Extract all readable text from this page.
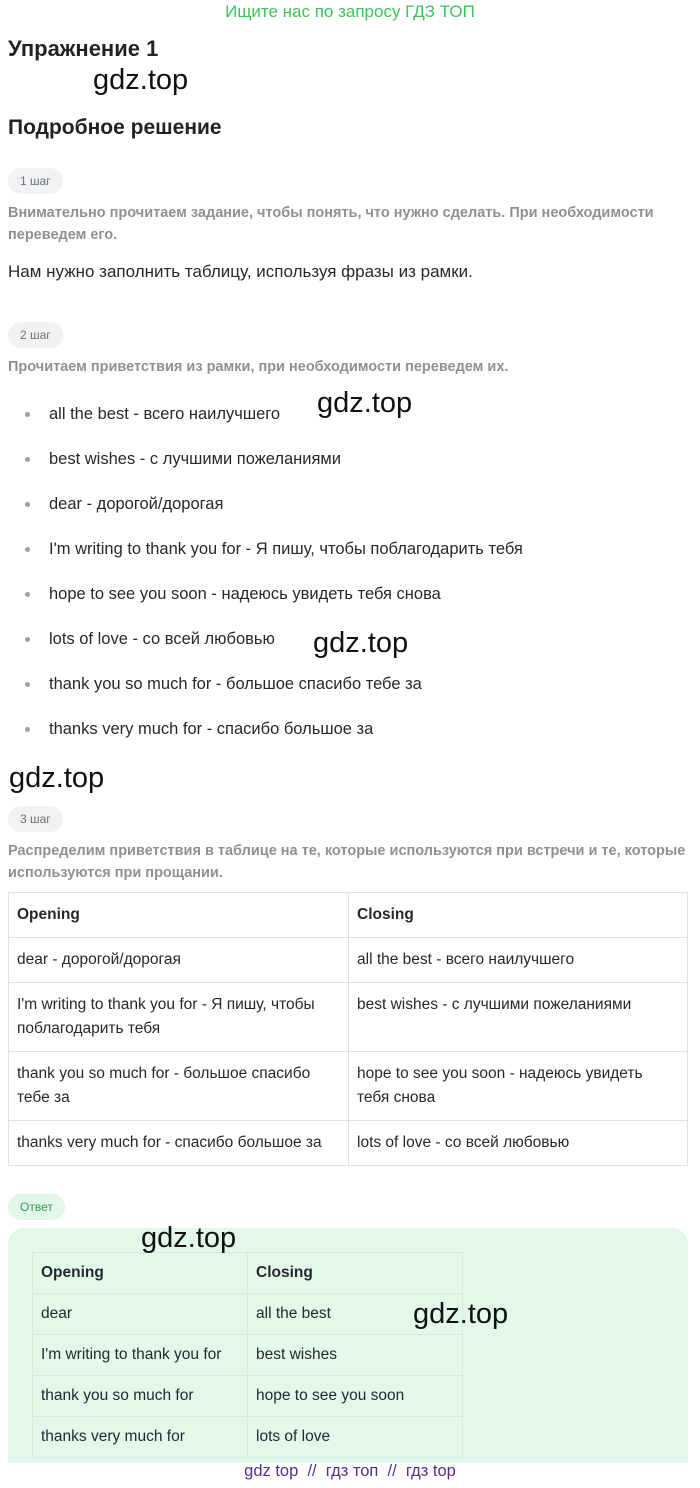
Ищите нас по запросу ГДЗ ТОП
Упражнение 1
gdz.top
Подробное решение
1 шаг
Внимательно прочитаем задание, чтобы понять, что нужно сделать. При необходимости переведем его.
Нам нужно заполнить таблицу, используя фразы из рамки.
2 шаг
Прочитаем приветствия из рамки, при необходимости переведем их.
all the best - всего наилучшего
best wishes - с лучшими пожеланиями
dear - дорогой/дорогая
I'm writing to thank you for - Я пишу, чтобы поблагодарить тебя
hope to see you soon - надеюсь увидеть тебя снова
lots of love - со всей любовью
thank you so much for - большое спасибо тебе за
thanks very much for - спасибо большое за
gdz.top
gdz.top
gdz.top
3 шаг
Распределим приветствия в таблице на те, которые используются при встречи и те, которые используются при прощании.
Opening	Closing
dear - дорогой/дорогая	all the best - всего наилучшего
I'm writing to thank you for - Я пишу, чтобы поблагодарить тебя	best wishes - с лучшими пожеланиями
thank you so much for - большое спасибо тебе за	hope to see you soon - надеюсь увидеть тебя снова
thanks very much for - спасибо большое за	lots of love - со всей любовью
Ответ
Opening	Closing
dear	all the best
I'm writing to thank you for	best wishes
thank you so much for	hope to see you soon
thanks very much for	lots of love
gdz.top
gdz.top
gdz top  //  гдз топ  //  гдз top
